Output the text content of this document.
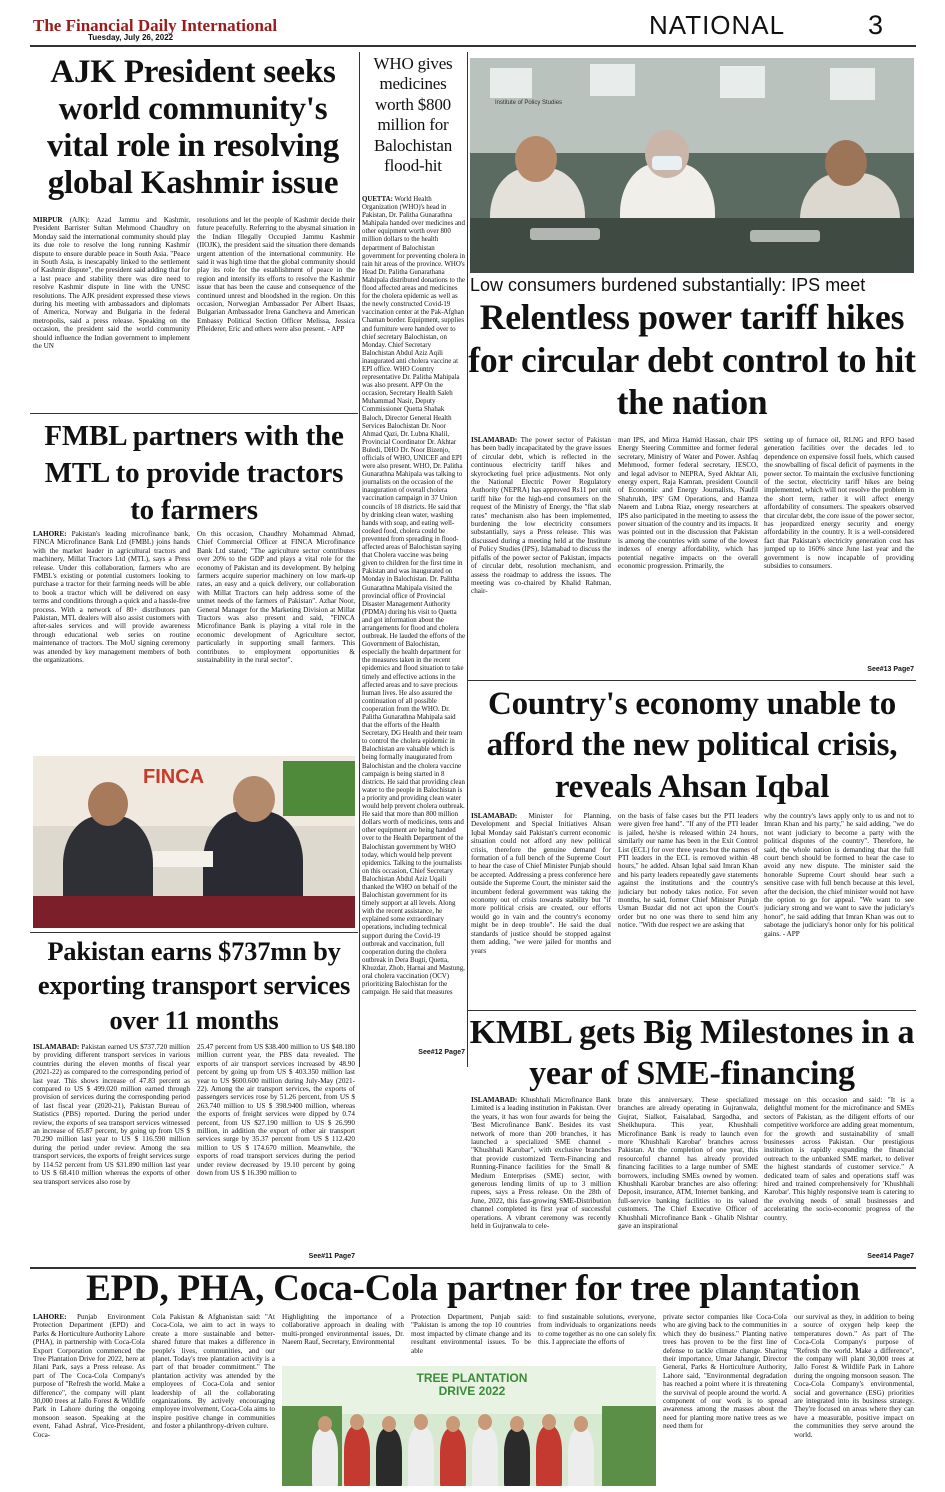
The Financial Daily International
Tuesday, July 26, 2022	NATIONAL	3
AJK President seeks world community's vital role in resolving global Kashmir issue
MIRPUR (AJK): Azad Jammu and Kashmir, President Barrister Sultan Mehmood Chaudhry on Monday said the international community should play its due role to resolve the long running Kashmir dispute to ensure durable peace in South Asia. "Peace in South Asia, is inescapably linked to the settlement of Kashmir dispute", the president said adding that for a last peace and stability there was dire need to resolve Kashmir dispute in line with the UNSC resolutions. The AJK president expressed these views during his meeting with ambassadors and diplomats of America, Norway and Bulgaria in the federal metropolis, said a press release. Speaking on the occasion, the president said the world community should influence the Indian government to implement the UN
resolutions and let the people of Kashmir decide their future peacefully. Referring to the abysmal situation in the Indian Illegally Occupied Jammu Kashmir (IIOJK), the president said the situation there demands urgent attention of the international community. He said it was high time that the global community should play its role for the establishment of peace in the region and intensify its efforts to resolve the Kashmir issue that has been the cause and consequence of the continued unrest and bloodshed in the region. On this occasion, Norwegian Ambassador Per Albert Ilsaas, Bulgarian Ambassador Irena Gancheva and American Embassy Political Section Officer Melissa, Jessica Pfleiderer, Eric and others were also present. - APP
WHO gives medicines worth $800 million for Balochistan flood-hit
QUETTA: World Health Organization (WHO)'s head in Pakistan, Dr. Palitha Gunarathna Mahipala handed over medicines and other equipment worth over 800 million dollars to the health department of Balochistan government for preventing cholera in rain hit areas of the province. WHO's Head Dr. Palitha Gunarathana Mahipala distributed donations to the flood affected areas and medicines for the cholera epidemic as well as the newly constructed Covid-19 vaccination center at the Pak-Afghan Chaman border. Equipment, supplies and furniture were handed over to chief secretary Balochistan, on Monday. Chief Secretary Balochistan Abdul Aziz Aqili inaugurated anti cholera vaccine at EPI office. WHO Country representative Dr. Palitha Mahipala was also present. APP On the occasion, Secretary Health Saleh Muhammad Nasir, Deputy Commissioner Quetta Shahak Baloch, Director General Health Services Balochistan Dr. Noor Ahmad Qazi, Dr. Lubna Khalil, Provincial Coordinator Dr. Akhtar Buledi, DHO Dr. Noor Bizenjo, officials of WHO, UNICEF and EPI were also present. WHO, Dr. Palitha Gunarathna Mahipala was talking to journalists on the occasion of the inauguration of overall cholera vaccination campaign in 37 Union councils of 18 districts. He said that by drinking clean water, washing hands with soap, and eating well-cooked food, cholera could be prevented from spreading in flood-affected areas of Balochistan saying that Cholera vaccine was being given to children for the first time in Pakistan and was inaugurated on Monday in Balochistan. Dr. Palitha Gunarathna Mahipala visited the provincial office of Provincial Disaster Management Authority (PDMA) during his visit to Quetta and got information about the arrangements for flood and cholera outbreak. He lauded the efforts of the Government of Balochistan, especially the health department for the measures taken in the recent epidemics and flood situation to take timely and effective actions in the affected areas and to save precious human lives. He also assured the continuation of all possible cooperation from the WHO. Dr. Palitha Gunarathna Mahipala said that the efforts of the Health Secretary, DG Health and their team to control the cholera epidemic in Balochistan are valuable which is being formally inaugurated from Balochistan and the cholera vaccine campaign is being started in 8 districts. He said that providing clean water to the people in Balochistan is a priority and providing clean water would help prevent cholera outbreak. He said that more than 800 million dollars worth of medicines, tents and other equipment are being handed over to the Health Department of the Balochistan government by WHO today, which would help prevent epidemics. Talking to the journalists on this occasion, Chief Secretary Balochistan Abdul Aziz Uqaili thanked the WHO on behalf of the Balochistan government for its timely support at all levels. Along with the recent assistance, he explained some extraordinary operations, including technical support during the Covid-19 outbreak and vaccination, full cooperation during the cholera outbreak in Dera Bugti, Quetta, Khuzdar, Zhob, Harnai and Mastung, oral cholera vaccination (OCV) prioritizing Balochistan for the campaign. He said that measures
See#12 Page7
Institute of Policy Studies
Low consumers burdened substantially: IPS meet
Relentless power tariff hikes for circular debt control to hit the nation
ISLAMABAD: The power sector of Pakistan has been badly incapacitated by the grave issues of circular debt, which is reflected in the continuous electricity tariff hikes and skyrocketing fuel price adjustments. Not only the National Electric Power Regulatory Authority (NEPRA) has approved Rs11 per unit tariff hike for the high-end consumers on the request of the Ministry of Energy, the "flat slab rates" mechanism also has been implemented, burdening the low electricity consumers substantially, says a Press release. This was discussed during a meeting held at the Institute of Policy Studies (IPS), Islamabad to discuss the pitfalls of the power sector of Pakistan, impacts of circular debt, resolution mechanism, and assess the roadmap to address the issues. The meeting was co-chaired by Khalid Rahman, chair-
man IPS, and Mirza Hamid Hassan, chair IPS Energy Steering Committee and former federal secretary, Ministry of Water and Power. Ashfaq Mehmood, former federal secretary, IESCO, and legal advisor to NEPRA, Syed Akhtar Ali, energy expert, Raja Kamran, president Council of Economic and Energy Journalists, Naufil Shahrukh, IPS' GM Operations, and Hamza Naeem and Lubna Riaz, energy researchers at IPS also participated in the meeting to assess the power situation of the country and its impacts. It was pointed out in the discussion that Pakistan is among the countries with some of the lowest indexes of energy affordability, which has potential negative impacts on the overall economic progression. Primarily, the
setting up of furnace oil, RLNG and RFO based generation facilities over the decades led to dependence on expensive fossil fuels, which caused the snowballing of fiscal deficit of payments in the power sector. To maintain the exclusive functioning of the sector, electricity tariff hikes are being implemented, which will not resolve the problem in the short term, rather it will affect energy affordability of consumers. The speakers observed that circular debt, the core issue of the power sector, has jeopardized energy security and energy affordability in the country. It is a well-considered fact that Pakistan's electricity generation cost has jumped up to 160% since June last year and the government is now incapable of providing subsidies to consumers.
See#13 Page7
FMBL partners with the MTL to provide tractors to farmers
LAHORE: Pakistan's leading microfinance bank, FINCA Microfinance Bank Ltd (FMBL) joins hands with the market leader in agricultural tractors and machinery, Millat Tractors Ltd (MTL), says a Press release. Under this collaboration, farmers who are FMBL's existing or potential customers looking to purchase a tractor for their farming needs will be able to book a tractor which will be delivered on easy terms and conditions through a quick and a hassle-free process. With a network of 80+ distributors pan Pakistan, MTL dealers will also assist customers with after-sales services and will provide awareness through educational web series on routine maintenance of tractors. The MoU signing ceremony was attended by key management members of both the organizations.
On this occasion, Chaudhry Mohammad Ahmad, Chief Commercial Officer at FINCA Microfinance Bank Ltd stated; "The agriculture sector contributes over 20% to the GDP and plays a vital role for the economy of Pakistan and its development. By helping farmers acquire superior machinery on low mark-up rates, an easy and a quick delivery, our collaboration with Millat Tractors can help address some of the unmet needs of the farmers of Pakistan". Azhar Noor, General Manager for the Marketing Division at Millat Tractors was also present and said, "FINCA Microfinance Bank is playing a vital role in the economic development of Agriculture sector, particularly in supporting small farmers. This contributes to employment opportunities & sustainability in the rural sector".
FINCA
Pakistan earns $737mn by exporting transport services over 11 months
ISLAMABAD: Pakistan earned US $737.720 million by providing different transport services in various countries during the eleven months of fiscal year (2021-22) as compared to the corresponding period of last year. This shows increase of 47.83 percent as compared to US $ 499.020 million earned through provision of services during the corresponding period of last fiscal year (2020-21), Pakistan Bureau of Statistics (PBS) reported. During the period under review, the exports of sea transport services witnessed an increase of 65.87 percent, by going up from US $ 70.290 million last year to US $ 116.590 million during the period under review. Among the sea transport services, the exports of freight services surge by 114.52 percent from US $31.890 million last year to US $ 68.410 million whereas the exports of other sea transport services also rose by
25.47 percent from US $38.400 million to US $48.180 million current year, the PBS data revealed. The exports of air transport services increased by 48.90 percent by going up from US $ 403.350 million last year to US $600.600 million during July-May (2021-22). Among the air transport services, the exports of passengers services rose by 51.26 percent, from US $ 263.740 million to US $ 398.9400 million, whereas the exports of freight services were dipped by 0.74 percent, from US $27.190 million to US $ 26.990 million, in addition the export of other air transport services surge by 35.37 percent from US $ 112.420 million to US $ 174.670 million. Meanwhile, the exports of road transport services during the period under review decreased by 19.10 percent by going down from US $ 16.390 million to
See#11 Page7
Country's economy unable to afford the new political crisis, reveals Ahsan Iqbal
ISLAMABAD: Minister for Planning, Development and Special Initiatives Ahsan Iqbal Monday said Pakistan's current economic situation could not afford any new political crisis, therefore the genuine demand for formation of a full bench of the Supreme Court to hear the case of Chief Minister Punjab should be accepted. Addressing a press conference here outside the Supreme Court, the minister said the incumbent federal government was taking the economy out of crisis towards stability but "if more political crisis are created, our efforts would go in vain and the country's economy might be in deep trouble". He said the dual standards of justice should be stopped against them adding, "we were jailed for months and years
on the basis of false cases but the PTI leaders were given free hand". "If any of the PTI leader is jailed, he/she is released within 24 hours, similarly our name has been in the Exit Control List (ECL) for over three years but the names of PTI leaders in the ECL is removed within 48 hours," he added. Ahsan Iqbal said Imran Khan and his party leaders repeatedly gave statements against the institutions and the country's judiciary but nobody takes notice. For seven months, he said, former Chief Minister Punjab Usman Buzdar did not act upon the Court's order but no one was there to send him any notice. "With due respect we are asking that
why the country's laws apply only to us and not to Imran Khan and his party," he said adding, "we do not want judiciary to become a party with the political disputes of the country". Therefore, he said, the whole nation is demanding that the full court bench should be formed to hear the case to avoid any new dispute. The minister said the honorable Supreme Court should hear such a sensitive case with full bench because at this level, after the decision, the chief minister would not have the option to go for appeal. "We want to see judiciary strong and we want to save the judiciary's honor", he said adding that Imran Khan was out to sabotage the judiciary's honor only for his political gains. - APP
KMBL gets Big Milestones in a year of SME-financing
ISLAMABAD: Khushhali Microfinance Bank Limited is a leading institution in Pakistan. Over the years, it has won four awards for being the 'Best Microfinance Bank'. Besides its vast network of more than 200 branches, it has launched a specialized SME channel - "Khushhali Karobar", with exclusive branches that provide customized Term-Financing and Running-Finance facilities for the Small & Medium Enterprises (SME) sector, with generous lending limits of up to 3 million rupees, says a Press release. On the 28th of June, 2022, this fast-growing SME-Distribution channel completed its first year of successful operations. A vibrant ceremony was recently held in Gujranwala to cele-
brate this anniversary. These specialized branches are already operating in Gujranwala, Gujrat, Sialkot, Faisalabad, Sargodha, and Sheikhupura. This year, Khushhali Microfinance Bank is ready to launch even more 'Khushhali Karobar' branches across Pakistan. At the completion of one year, this resourceful channel has already provided financing facilities to a large number of SME borrowers, including SMEs owned by women. Khushhali Karobar branches are also offering: Deposit, insurance, ATM, Internet banking, and full-service banking facilities to its valued customers. The Chief Executive Officer of Khushhali Microfinance Bank - Ghalib Nishtar gave an inspirational
message on this occasion and said: "It is a delightful moment for the microfinance and SMEs sectors of Pakistan, as the diligent efforts of our competitive workforce are adding great momentum, for the growth and sustainability of small businesses across Pakistan. Our prestigious institution is rapidly expanding the financial outreach to the unbanked SME market, to deliver the highest standards of customer service." A dedicated team of sales and operations staff was hired and trained comprehensively for 'Khushhali Karobar'. This highly responsive team is catering to the evolving needs of small businesses and accelerating the socio-economic progress of the country.
See#14 Page7
EPD, PHA, Coca-Cola partner for tree plantation
LAHORE: Punjab Environment Protection Department (EPD) and Parks & Horticulture Authority Lahore (PHA), in partnership with Coca-Cola Export Corporation commenced the Tree Plantation Drive for 2022, here at Jilani Park, says a Press release. As part of The Coca-Cola Company's purpose of "Refresh the world. Make a difference", the company will plant 30,000 trees at Jallo Forest & Wildlife Park in Lahore during the ongoing monsoon season. Speaking at the event, Fahad Ashraf, Vice-President, Coca-
Cola Pakistan & Afghanistan said: "At Coca-Cola, we aim to act in ways to create a more sustainable and better-shared future that makes a difference in people's lives, communities, and our planet. Today's tree plantation activity is a part of that broader commitment." The plantation activity was attended by the employees of Coca-Cola and senior leadership of all the collaborating organizations. By actively encouraging employee involvement, Coca-Cola aims to inspire positive change in communities and foster a philanthropy-driven culture.
Highlighting the importance of a collaborative approach in dealing with multi-pronged environmental issues, Dr. Naeem Rauf, Secretary, Environmental
Protection Department, Punjab said: "Pakistan is among the top 10 countries most impacted by climate change and its resultant environmental issues. To be able
to find sustainable solutions, everyone, from individuals to organizations needs to come together as no one can solely fix this. I appreciate the efforts of
private sector companies like Coca-Cola who are giving back to the communities in which they do business." Planting native trees has proven to be the first line of defense to tackle climate change. Sharing their importance, Umar Jahangir, Director General, Parks & Horticulture Authority, Lahore said, "Environmental degradation has reached a point where it is threatening the survival of people around the world. A component of our work is to spread awareness among the masses about the need for planting more native trees as we need them for
our survival as they, in addition to being a source of oxygen help keep the temperatures down." As part of The Coca-Cola Company's purpose of "Refresh the world. Make a difference", the company will plant 30,000 trees at Jallo Forest & Wildlife Park in Lahore during the ongoing monsoon season. The Coca-Cola Company's environmental, social and governance (ESG) priorities are integrated into its business strategy. They're focused on areas where they can have a measurable, positive impact on the communities they serve around the world.
TREE PLANTATION DRIVE 2022
